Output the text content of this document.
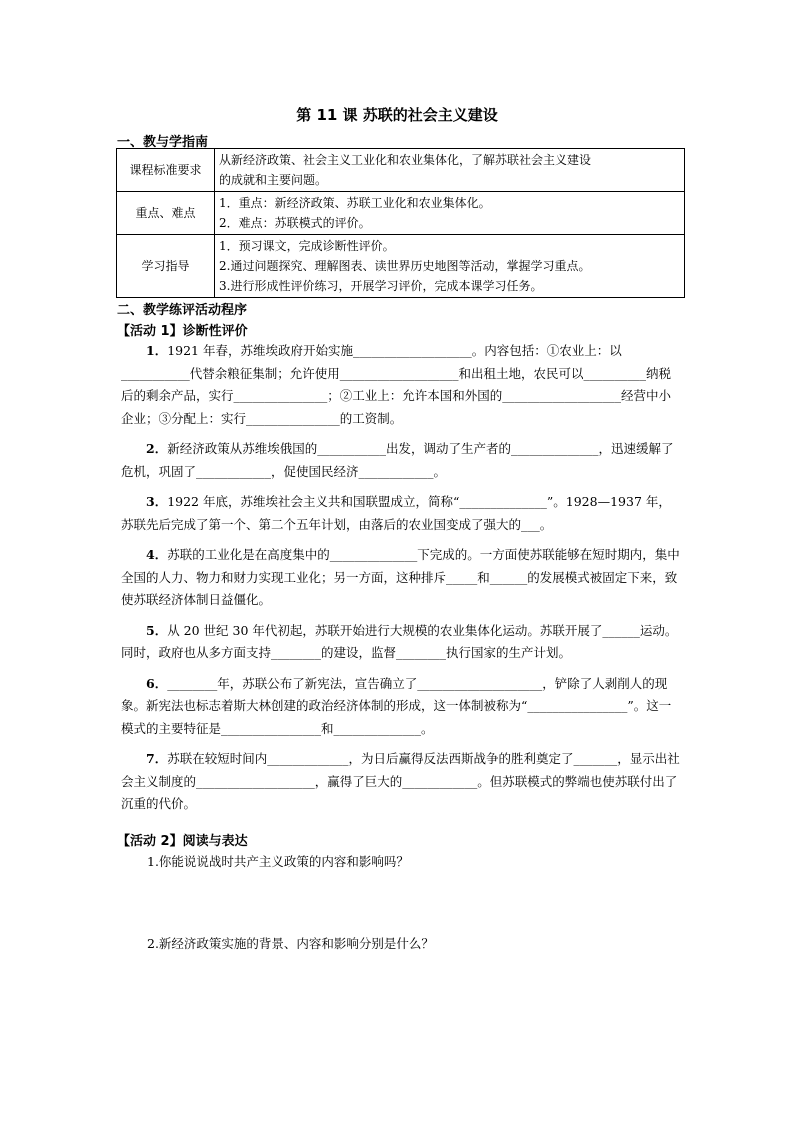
第 11 课 苏联的社会主义建设
一、教与学指南
课程标准要求	从新经济政策、社会主义工业化和农业集体化，了解苏联社会主义建设
的成就和主要问题。

重点、难点	1．重点：新经济政策、苏联工业化和农业集体化。
2．难点：苏联模式的评价。

学习指导	1．预习课文，完成诊断性评价。
2.通过问题探究、理解图表、读世界历史地图等活动，掌握学习重点。
3.进行形成性评价练习，开展学习评价，完成本课学习任务。
二、教学练评活动程序
【活动 1】诊断性评价

1．1921 年春，苏维埃政府开始实施___________________。内容包括：①农业上：以___________代替余粮征集制；允许使用___________________和出租土地，农民可以__________纳税后的剩余产品，实行_______________；②工业上：允许本国和外国的___________________经营中小企业；③分配上：实行_______________的工资制。

2．新经济政策从苏维埃俄国的___________出发，调动了生产者的______________，迅速缓解了危机，巩固了____________，促使国民经济____________。

3．1922 年底，苏维埃社会主义共和国联盟成立，简称“______________”。1928—1937 年，苏联先后完成了第一个、第二个五年计划，由落后的农业国变成了强大的___。

4．苏联的工业化是在高度集中的______________下完成的。一方面使苏联能够在短时期内，集中全国的人力、物力和财力实现工业化；另一方面，这种排斥_____和______的发展模式被固定下来，致使苏联经济体制日益僵化。

5．从 20 世纪 30 年代初起，苏联开始进行大规模的农业集体化运动。苏联开展了______运动。同时，政府也从多方面支持________的建设，监督________执行国家的生产计划。

6．________年，苏联公布了新宪法，宣告确立了____________________，铲除了人剥削人的现象。新宪法也标志着斯大林创建的政治经济体制的形成，这一体制被称为“________________”。这一模式的主要特征是________________和______________。

7．苏联在较短时间内_____________，为日后赢得反法西斯战争的胜利奠定了_______，显示出社会主义制度的___________________，赢得了巨大的____________。但苏联模式的弊端也使苏联付出了沉重的代价。

【活动 2】阅读与表达
1.你能说说战时共产主义政策的内容和影响吗？
2.新经济政策实施的背景、内容和影响分别是什么？
